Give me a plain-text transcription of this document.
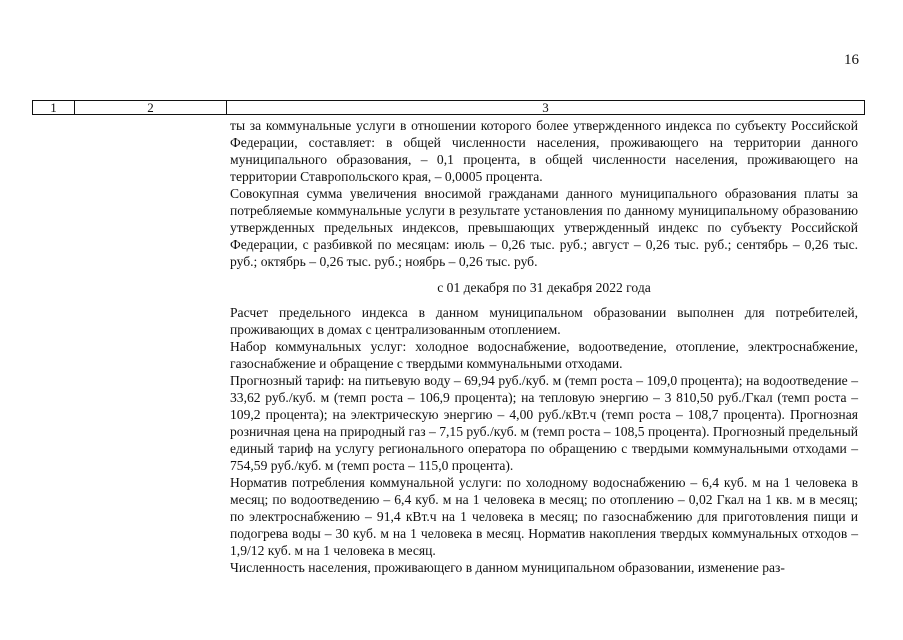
16
1	2	3

ты за коммунальные услуги в отношении которого более утвержденного индекса по субъекту Российской Федерации, составляет: в общей численности населения, проживающего на территории данного муниципального образования, – 0,1 процента, в общей численности населения, проживающего на территории Ставропольского края, – 0,0005 процента.

Совокупная сумма увеличения вносимой гражданами данного муниципального образования платы за потребляемые коммунальные услуги в результате установления по данному муниципальному образованию утвержденных предельных индексов, превышающих утвержденный индекс по субъекту Российской Федерации, с разбивкой по месяцам: июль – 0,26 тыс. руб.; август – 0,26 тыс. руб.; сентябрь – 0,26 тыс. руб.; октябрь – 0,26 тыс. руб.; ноябрь – 0,26 тыс. руб.

с 01 декабря по 31 декабря 2022 года

Расчет предельного индекса в данном муниципальном образовании выполнен для потребителей, проживающих в домах с централизованным отоплением.

Набор коммунальных услуг: холодное водоснабжение, водоотведение, отопление, электроснабжение, газоснабжение и обращение с твердыми коммунальными отходами.

Прогнозный тариф: на питьевую воду – 69,94 руб./куб. м (темп роста – 109,0 процента); на водоотведение – 33,62 руб./куб. м (темп роста – 106,9 процента); на тепловую энергию – 3 810,50 руб./Гкал (темп роста – 109,2 процента); на электрическую энергию – 4,00 руб./кВт.ч (темп роста – 108,7 процента). Прогнозная розничная цена на природный газ – 7,15 руб./куб. м (темп роста – 108,5 процента). Прогнозный предельный единый тариф на услугу регионального оператора по обращению с твердыми коммунальными отходами – 754,59 руб./куб. м (темп роста – 115,0 процента).

Норматив потребления коммунальной услуги: по холодному водоснабжению – 6,4 куб. м на 1 человека в месяц; по водоотведению – 6,4 куб. м на 1 человека в месяц; по отоплению – 0,02 Гкал на 1 кв. м в месяц; по электроснабжению – 91,4 кВт.ч на 1 человека в месяц; по газоснабжению для приготовления пищи и подогрева воды – 30 куб. м на 1 человека в месяц. Норматив накопления твердых коммунальных отходов – 1,9/12 куб. м на 1 человека в месяц.

Численность населения, проживающего в данном муниципальном образовании, изменение раз-
